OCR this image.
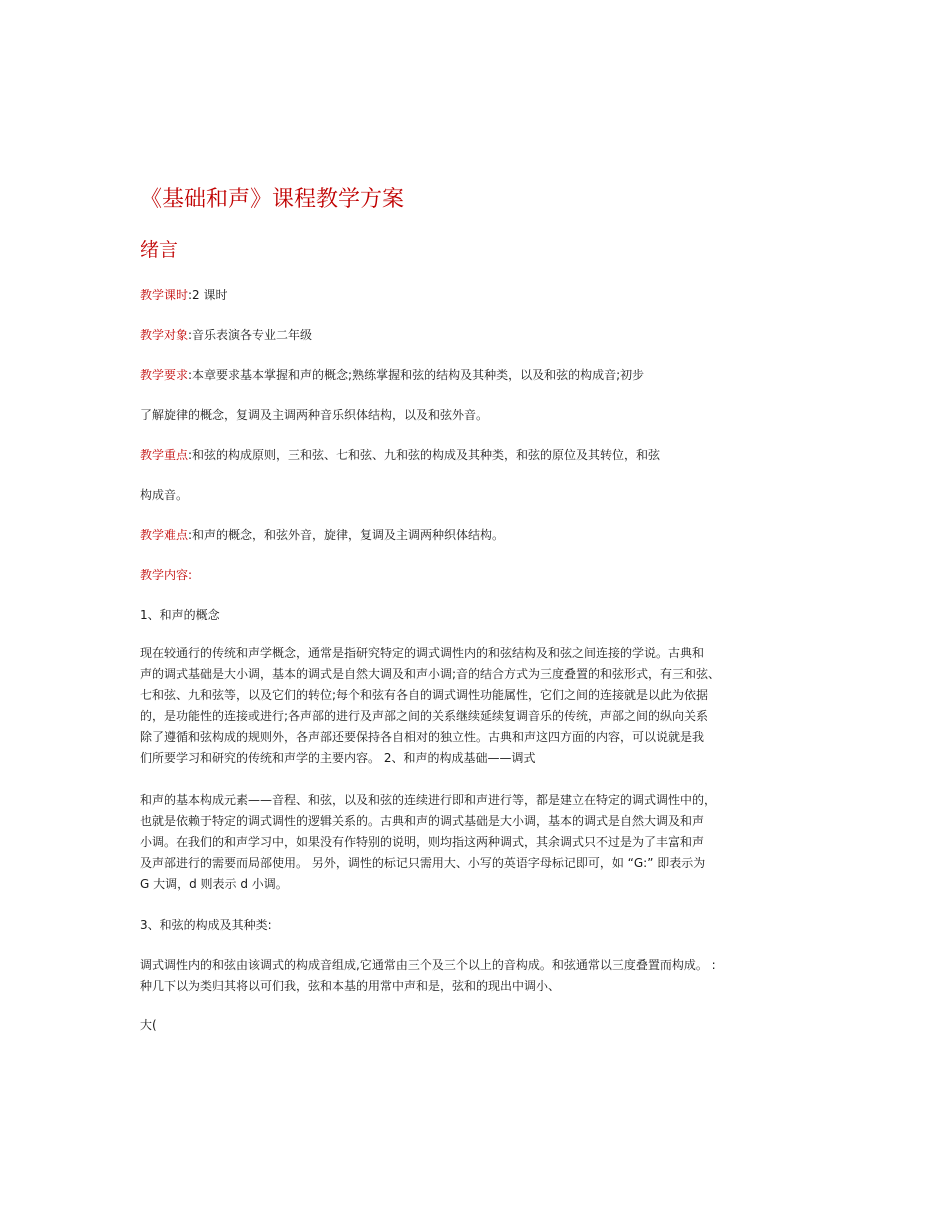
《基础和声》课程教学方案
绪言

教学课时:2 课时

教学对象:音乐表演各专业二年级

教学要求:本章要求基本掌握和声的概念;熟练掌握和弦的结构及其种类，以及和弦的构成音;初步

了解旋律的概念，复调及主调两种音乐织体结构，以及和弦外音。

教学重点:和弦的构成原则，三和弦、七和弦、九和弦的构成及其种类，和弦的原位及其转位，和弦

构成音。

教学难点:和声的概念，和弦外音，旋律，复调及主调两种织体结构。

教学内容:

1、和声的概念

现在较通行的传统和声学概念，通常是指研究特定的调式调性内的和弦结构及和弦之间连接的学说。古典和
声的调式基础是大小调，基本的调式是自然大调及和声小调;音的结合方式为三度叠置的和弦形式，有三和弦、
七和弦、九和弦等，以及它们的转位;每个和弦有各自的调式调性功能属性，它们之间的连接就是以此为依据
的，是功能性的连接或进行;各声部的进行及声部之间的关系继续延续复调音乐的传统，声部之间的纵向关系
除了遵循和弦构成的规则外，各声部还要保持各自相对的独立性。古典和声这四方面的内容，可以说就是我
们所要学习和研究的传统和声学的主要内容。 2、和声的构成基础——调式
和声的基本构成元素——音程、和弦，以及和弦的连续进行即和声进行等，都是建立在特定的调式调性中的，
也就是依赖于特定的调式调性的逻辑关系的。古典和声的调式基础是大小调，基本的调式是自然大调及和声
小调。在我们的和声学习中，如果没有作特别的说明，则均指这两种调式，其余调式只不过是为了丰富和声
及声部进行的需要而局部使用。 另外，调性的标记只需用大、小写的英语字母标记即可，如 “G:” 即表示为
G 大调，d 则表示 d 小调。

3、和弦的构成及其种类:

调式调性内的和弦由该调式的构成音组成,它通常由三个及三个以上的音构成。和弦通常以三度叠置而构成。 :
种几下以为类归其将以可们我，弦和本基的用常中声和是，弦和的现出中调小、

大(
